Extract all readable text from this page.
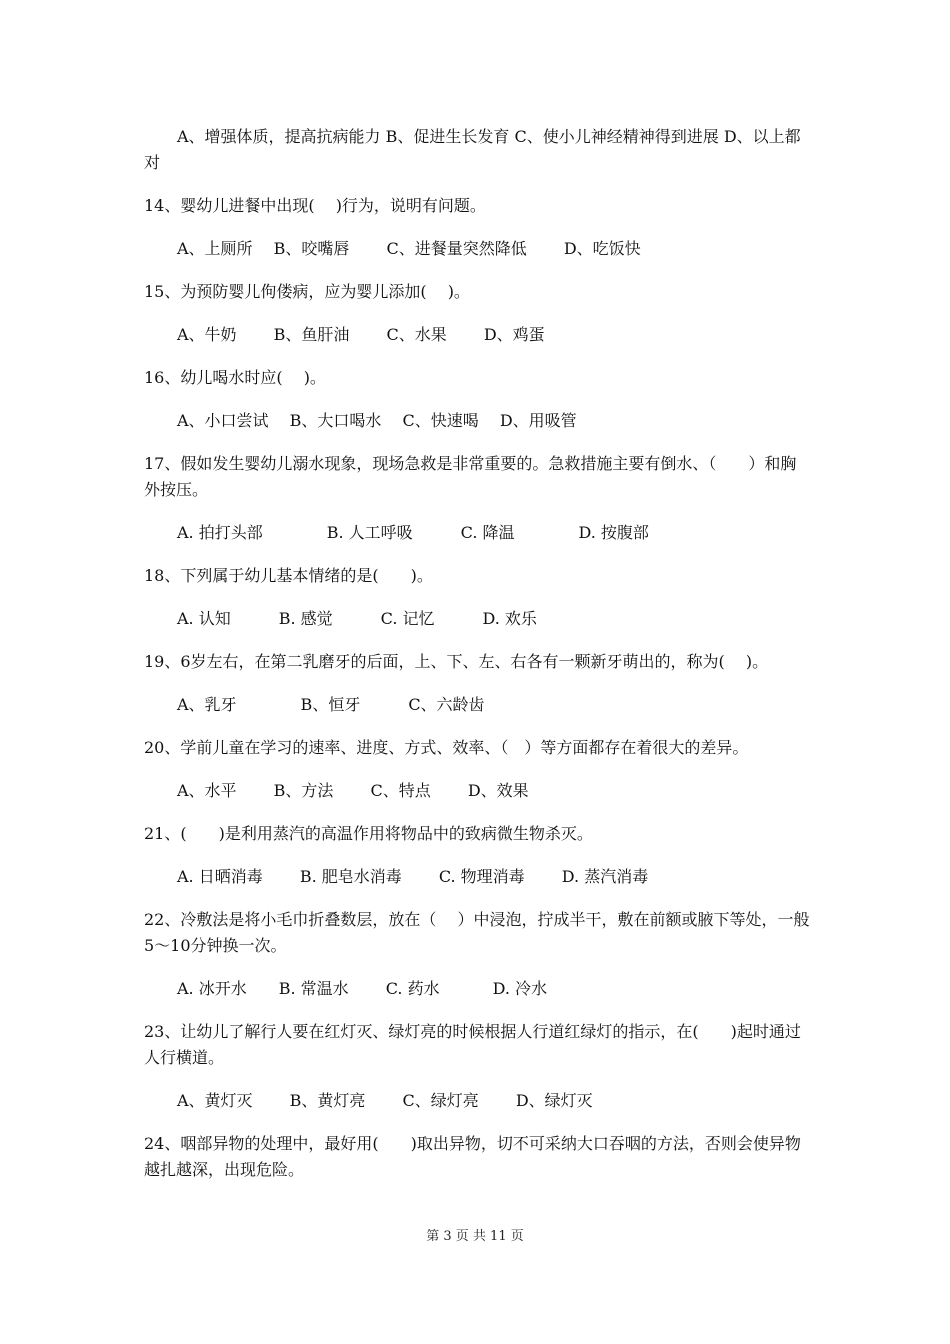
A、增强体质，提高抗病能力 B、促进生长发育 C、使小儿神经精神得到进展 D、以上都对

14、婴幼儿进餐中出现(　 )行为，说明有问题。

A、上厕所　 B、咬嘴唇　　 C、进餐量突然降低　　 D、吃饭快

15、为预防婴儿佝偻病，应为婴儿添加(　 )。

A、牛奶　　 B、鱼肝油　　 C、水果　　 D、鸡蛋

16、幼儿喝水时应(　 )。

A、小口尝试　 B、大口喝水　 C、快速喝　 D、用吸管

17、假如发生婴幼儿溺水现象，现场急救是非常重要的。急救措施主要有倒水、（　　）和胸外按压。

A. 拍打头部　　　　B. 人工呼吸　　　C. 降温　　　　D. 按腹部

18、下列属于幼儿基本情绪的是(　　)。

A. 认知　　　B. 感觉　　　C. 记忆　　　D. 欢乐

19、6岁左右，在第二乳磨牙的后面，上、下、左、右各有一颗新牙萌出的，称为(　 )。

A、乳牙　　　　B、恒牙　　　C、六龄齿

20、学前儿童在学习的速率、进度、方式、效率、（　）等方面都存在着很大的差异。

A、水平　　 B、方法　　 C、特点　　 D、效果

21、(　　)是利用蒸汽的高温作用将物品中的致病微生物杀灭。

A. 日晒消毒　　 B. 肥皂水消毒　　 C. 物理消毒　　 D. 蒸汽消毒

22、冷敷法是将小毛巾折叠数层，放在（　 ）中浸泡，拧成半干，敷在前额或腋下等处，一般5～10分钟换一次。

A. 冰开水　　B. 常温水　　 C. 药水　　　 D. 冷水

23、让幼儿了解行人要在红灯灭、绿灯亮的时候根据人行道红绿灯的指示，在(　　)起时通过人行横道。

A、黄灯灭　　 B、黄灯亮　　 C、绿灯亮　　 D、绿灯灭

24、咽部异物的处理中，最好用(　　)取出异物，切不可采纳大口吞咽的方法，否则会使异物越扎越深，出现危险。

第 3 页 共 11 页
